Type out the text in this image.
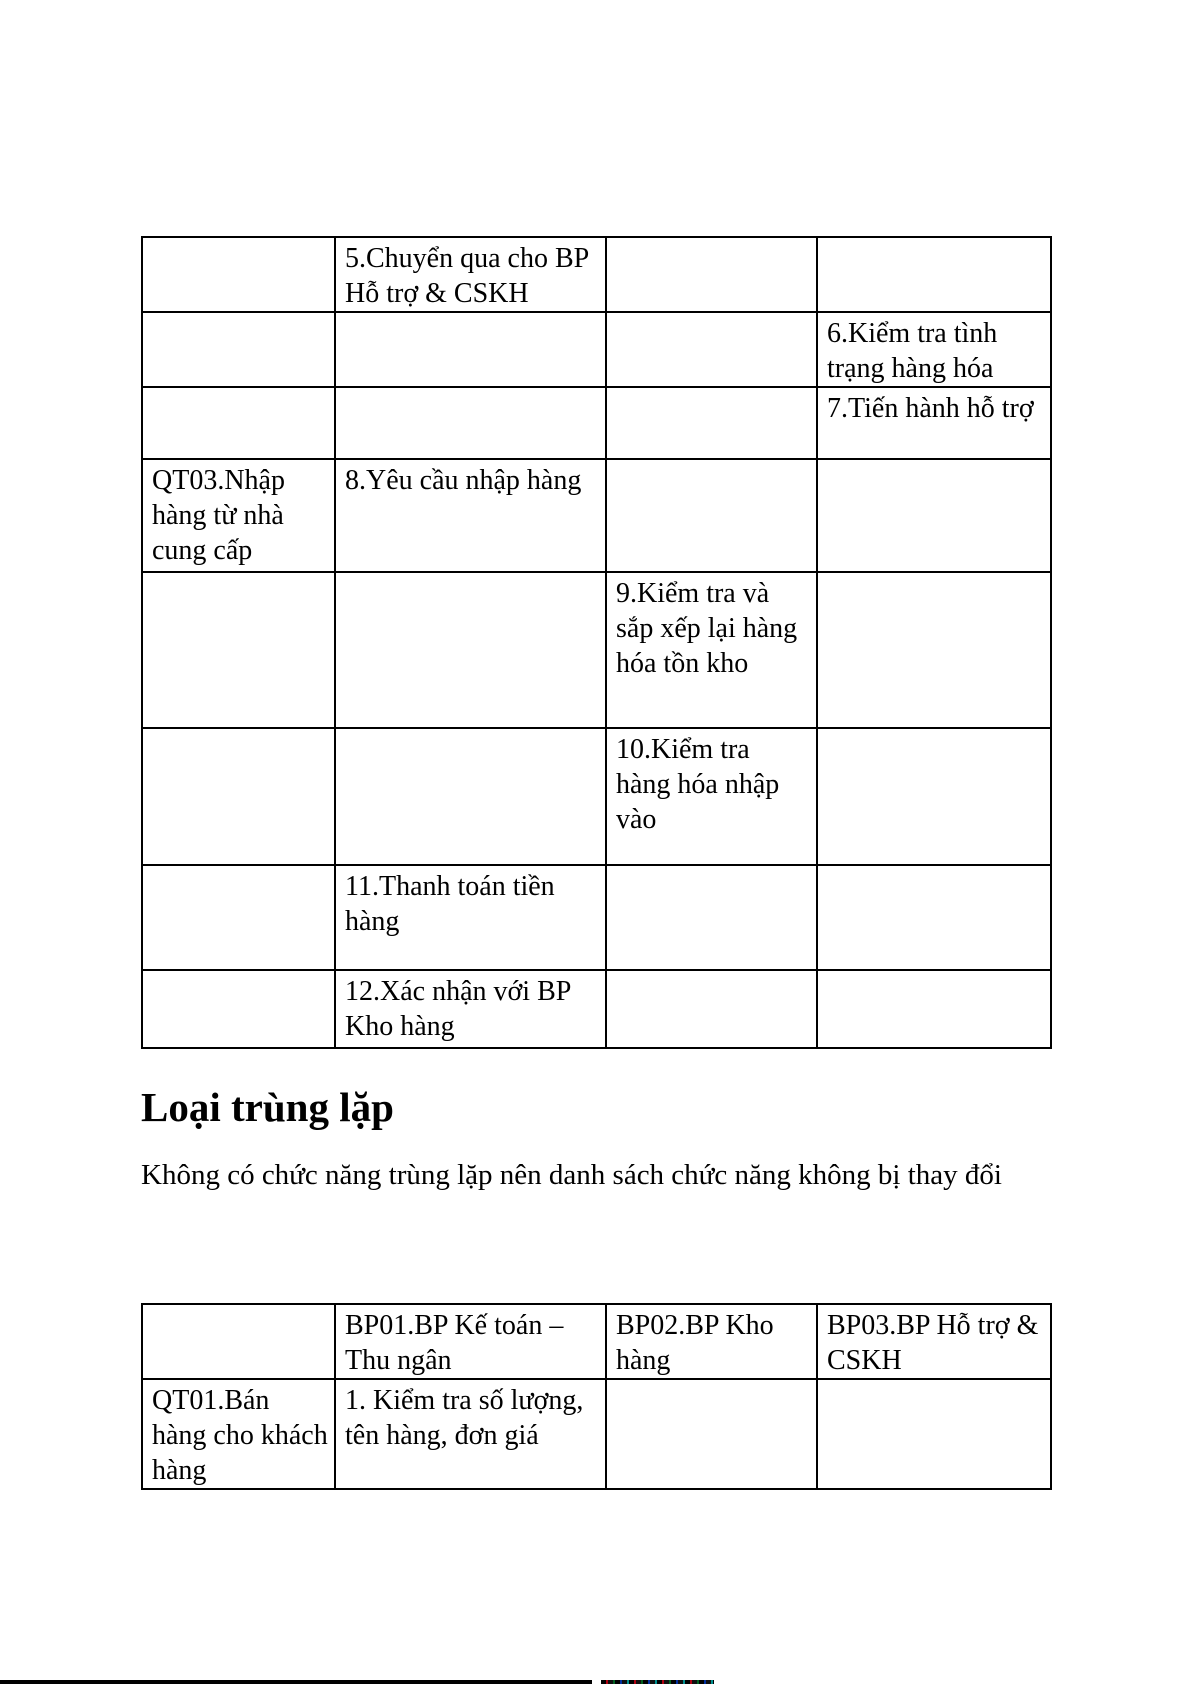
	5.Chuyển qua cho BP Hỗ trợ & CSKH		
			6.Kiểm tra tình trạng hàng hóa
			7.Tiến hành hỗ trợ
QT03.Nhập hàng từ nhà cung cấp	8.Yêu cầu nhập hàng		
		9.Kiểm tra và sắp xếp lại hàng hóa tồn kho	
		10.Kiểm tra hàng hóa nhập vào	
	11.Thanh toán tiền hàng		
	12.Xác nhận với BP Kho hàng		
Loại trùng lặp

Không có chức năng trùng lặp nên danh sách chức năng không bị thay đổi

	BP01.BP Kế toán – Thu ngân	BP02.BP Kho hàng	BP03.BP Hỗ trợ & CSKH
QT01.Bán hàng cho khách hàng	1. Kiểm tra số lượng, tên hàng, đơn giá		
